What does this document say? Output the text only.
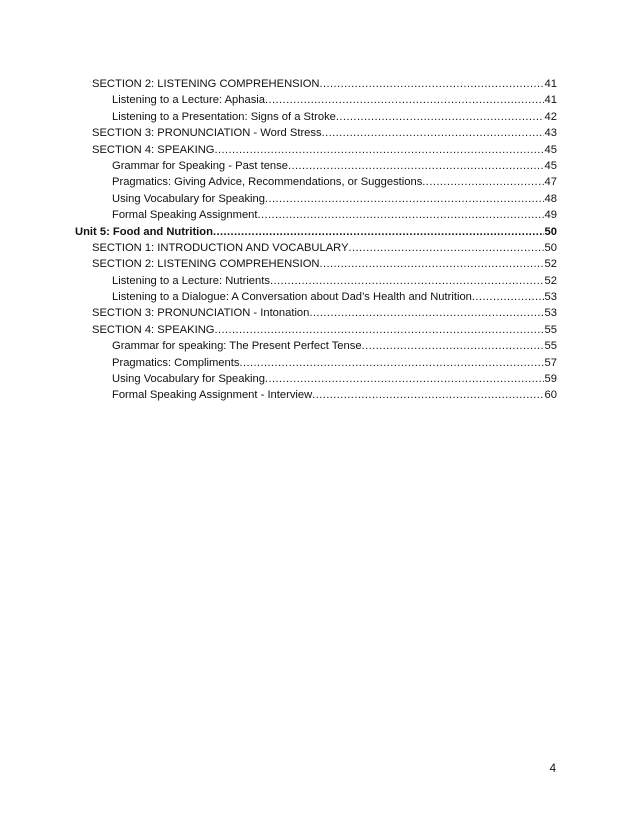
SECTION 2: LISTENING COMPREHENSION .....	41
Listening to a Lecture: Aphasia .....	41
Listening to a Presentation: Signs of a Stroke .....	42
SECTION 3: PRONUNCIATION - Word Stress .....	43
SECTION 4: SPEAKING .....	45
Grammar for Speaking - Past tense .....	45
Pragmatics: Giving Advice, Recommendations, or Suggestions .....	47
Using Vocabulary for Speaking .....	48
Formal Speaking Assignment .....	49
Unit 5: Food and Nutrition .....	50
SECTION 1: INTRODUCTION AND VOCABULARY .....	50
SECTION 2: LISTENING COMPREHENSION .....	52
Listening to a Lecture: Nutrients .....	52
Listening to a Dialogue: A Conversation about Dad’s Health and Nutrition .....	53
SECTION 3: PRONUNCIATION - Intonation .....	53
SECTION 4: SPEAKING .....	55
Grammar for speaking: The Present Perfect Tense .....	55
Pragmatics: Compliments .....	57
Using Vocabulary for Speaking .....	59
Formal Speaking Assignment - Interview .....	60
4
